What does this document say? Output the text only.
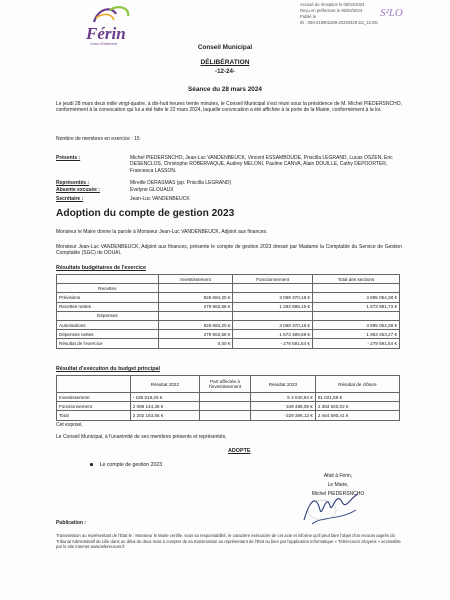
Férin
Cœur d'Ostrevent
Accusé de réception le 05/04/2024
Reçu en préfecture le 05/04/2024
Publié le
ID : 059-215902289-20240328-D2_12-DE
S²LO
Conseil Municipal
DÉLIBÉRATION
-12-24-
Séance du 28 mars 2024
Le jeudi 28 mars deux mille vingt-quatre, à dix-huit heures trente minutes, le Conseil Municipal s'est réuni sous la présidence de M. Michel PIEDERSNCHO, conformément à la convocation qui lui a été faite le 22 mars 2024, laquelle convocation a été affichée à la porte de la Mairie, conformément à la loi.
Nombre de membres en exercice : 15
Présents :	Michel PIEDERSNCHO, Jean-Luc VANDENBEUCK, Vincent ESSAMBOUDE, Priscilla LEGRAND, Lucas OSZEN, Eric DESENCLOS, Christophe ROBERVAQUE, Audrey MELONI, Pauline CANVA, Alain DOUILLE, Cathy DEPOORTER, Francesca LASSON.
Représentés :	Mireille DERASMAS (pp. Priscilla LEGRAND)
Absente excusée :	Evelyne GLOUAUX
Secrétaire :	Jean-Luc VANDENBEUCK
Adoption du compte de gestion 2023
Monsieur le Maire donne la parole à Monsieur Jean-Luc VANDENBEUCK, Adjoint aux finances.
Monsieur Jean-Luc VANDENBEUCK, Adjoint aux finances, présente le compte de gestion 2023 dressé par Madame la Comptable du Service de Gestion Comptable (SGC) de DOUAI.
Résultats budgétaires de l'exercice
	Investissement	Fonctionnement	Total des sections
Recettes			
Prévisions	826 684,20 €	3 069 370,18 €	3 895 054,38 €
Recettes nettes	279 983,58 €	1 393 898,15 €	1 673 881,73 €
Dépenses			
Autorisations	826 684,20 €	3 069 370,18 €	3 895 054,38 €
Dépenses nettes	279 963,58 €	1 673 489,69 €	1 953 453,27 €
Résultat de l'exercice	0,00 €	- 279 591,54 €	- 279 591,54 €
Résultat d'exécution du budget principal
	Résultat 2022	Part affectée à l'investissement	Résultat 2023	Résultat de clôture
Investissement	- 185 519,25 €		5 3 040,84 €	81 021,59 €
Fonctionnement	2 098 144,36 €		349 488,09 €	2 383 620,02 €
Total	2 202 163,55 €		-329 396,13 €	2 464 590,41 €
Cet exposé,
Le Conseil Municipal, à l'unanimité de ses membres présents et représentés,
ADOPTE
Le compte de gestion 2023
Afait à Férin,
Le Maire,
Michel PIEDERSNCHO
Publication :
Transmission au représentant de l'État le : Monsieur le Maire certifie, sous sa responsabilité, le caractère exécutoire de cet acte et informe qu'il peut faire l'objet d'un recours auprès du Tribunal Administratif de Lille dans un délai de deux mois à compter de sa transmission au représentant de l'État ou bien par l'application informatique « Télérecours citoyens » accessible par le site internet www.telerecours.fr
